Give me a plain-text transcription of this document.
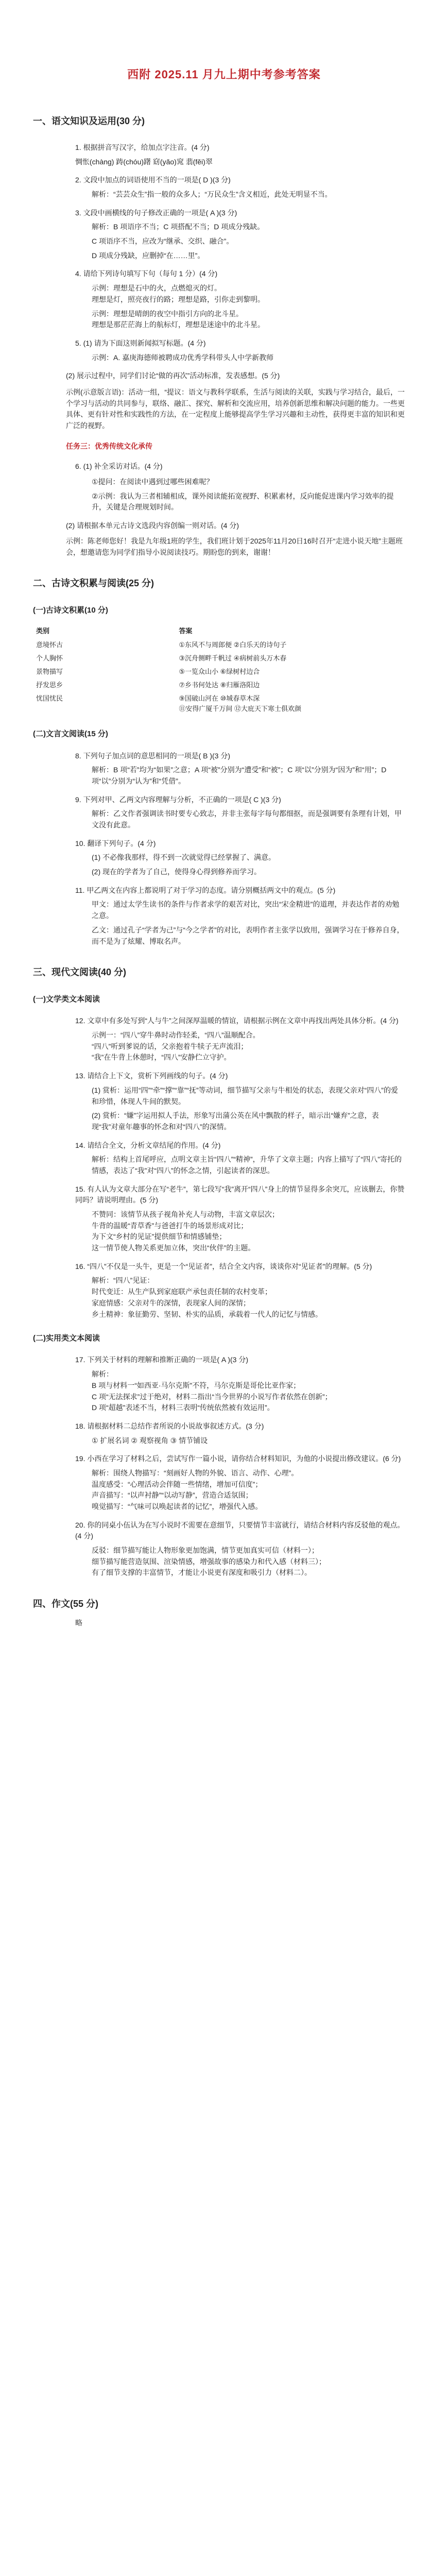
西附 2025.11 月九上期中考参考答案
一、语文知识及运用(30 分)
1. 根据拼音写汉字，给加点字注音。(4 分)
惆怅(chàng) 踌(chóu)躇 窈(yǎo)窕 翡(fěi)翠
2. 文段中加点的词语使用不当的一项是( D )(3 分)
解析：“芸芸众生”指一般的众多人；“万民众生”含义相近，此处无明显不当。
3. 文段中画横线的句子修改正确的一项是( A )(3 分)
解析：B 项语序不当；C 项搭配不当；D 项成分残缺。
C 项语序不当，应改为“继承、交织、融合”。
D 项成分残缺，应删掉“在……里”。
4. 请给下列诗句填写下句（每句 1 分）(4 分)
示例：理想是石中的火，点燃熄灭的灯。
理想是灯，照亮夜行的路；理想是路，引你走到黎明。
示例：理想是晴朗的夜空中指引方向的北斗星。
理想是那茫茫海上的航标灯，理想是迷途中的北斗星。
5. (1) 请为下面这则新闻拟写标题。(4 分)
示例：A. 嘉庚海德师被聘成功优秀学科带头人中学新教师
(2) 展示过程中，同学们讨论“做的再次”活动标准，发表感想。(5 分)
示例(示意版言语)：活动一组，“提议：语文与教科学联系，生活与阅读的关联，实践与学习结合，最后，一个学习与活动的共同参与，联络、融汇、探究、解析和交流应用，培养创新思维和解决问题的能力。一些更具体、更有针对性和实践性的方法，在一定程度上能够提高学生学习兴趣和主动性，获得更丰富的知识和更广泛的视野。
任务三：优秀传统文化承传
6. (1) 补全采访对话。(4 分)
①提问：在阅读中遇到过哪些困难呢？
②示例：我认为三者相辅相成，课外阅读能拓宽视野、积累素材，反向能促进课内学习效率的提升，关键是合理规划时间。
(2) 请根据本单元古诗文选段内容创编一则对话。(4 分)
示例：陈老师您好！我是九年级1班的学生，我们班计划于2025年11月20日16时召开“走进小说天地”主题班会，想邀请您为同学们指导小说阅读技巧。期盼您的到来，谢谢！
二、古诗文积累与阅读(25 分)
(一)古诗文积累(10 分)
类别	答案
意境怀古	①东风不与周郎便 ②白乐天的诗句子
个人胸怀	③沉舟侧畔千帆过 ④病树前头万木春
景物描写	⑤一览众山小 ⑥绿树村边合
抒发思乡	⑦乡书何处达 ⑧归雁洛阳边
忧国忧民	⑨国破山河在 ⑩城春草木深
⑪安得广厦千万间 ⑫大庇天下寒士俱欢颜
(二)文言文阅读(15 分)
8. 下列句子加点词的意思相同的一项是( B )(3 分)
解析：B 项“若”均为“如果”之意；A 项“被”分别为“遭受”和“被”；C 项“以”分别为“因为”和“用”；D 项“以”分别为“认为”和“凭借”。
9. 下列对甲、乙两文内容理解与分析，不正确的一项是( C )(3 分)
解析：乙文作者强调读书时要专心致志，并非主张每字每句都细抠，而是强调要有条理有计划，甲文没有此意。
10. 翻译下列句子。(4 分)
(1) 不必像我那样，得不到一次就觉得已经掌握了、满意。
(2) 现在的学者为了自己，使得身心得到修养而学习。
11. 甲乙两文在内容上都说明了对于学习的态度。请分别概括两文中的观点。(5 分)
甲文：通过太学生读书的条件与作者求学的艰苦对比，突出“宋金精进”的道理，并表达作者的劝勉之意。
乙文：通过孔子“学者为己”与“今之学者”的对比，表明作者主张学以致用，强调学习在于修养自身，而不是为了炫耀、博取名声。
三、现代文阅读(40 分)
(一)文学类文本阅读
12. 文章中有多处写到“人与牛”之间深厚温暖的情谊，请根据示例在文章中再找出两处具体分析。(4 分)
示例一：“四八”穿牛鼻时动作轻柔，“四八”温顺配合。
“四八”听到爹说的话，父亲抱着牛犊子无声流泪；
“我”在牛背上休憩时，“四八”安静伫立守护。
13. 请结合上下文，赏析下列画线的句子。(4 分)
(1) 赏析：运用“四”“牵”“撑”“靠”“抚”等动词，细节描写父亲与牛相处的状态，表现父亲对“四八”的爱和珍惜，体现人牛间的默契。
(2) 赏析：“嫌”字运用拟人手法，形象写出蒲公英在风中飘散的样子，暗示出“嫌弃”之意，表现“我”对童年趣事的怀念和对“四八”的深情。
14. 请结合全文，分析文章结尾的作用。(4 分)
解析：结构上首尾呼应，点明文章主旨“四八”“精神”，升华了文章主题；内容上描写了“四八”寄托的情感，表达了“我”对“四八”的怀念之情，引起读者的深思。
15. 有人认为文章大部分在写“老牛”，第七段写“我”离开“四八”身上的情节显得多余突兀，应该删去，你赞同吗？请说明理由。(5 分)
不赞同：该情节从孩子视角补充人与动物，丰富文章层次；
牛背的温暖“青草香”与爸爸打牛的场景形成对比；
为下文“乡村的见证”提供细节和情感铺垫；
这一情节使人物关系更加立体，突出“伙伴”的主题。
16. “四八”不仅是一头牛，更是一个“见证者”，结合全文内容，谈谈你对“见证者”的理解。(5 分)
解析：“四八”见证：
时代变迁：从生产队到家庭联产承包责任制的农村变革；
家庭情感：父亲对牛的深情，表现家人间的深情；
乡土精神：象征勤劳、坚韧、朴实的品质，承载着一代人的记忆与情感。
(二)实用类文本阅读
17. 下列关于材料的理解和推断正确的一项是( A )(3 分)
解析：
B 项与材料一“如西亚·马尔克斯”不符，马尔克斯是哥伦比亚作家；
C 项“无法探求”过于绝对，材料二指出“当今世界的小说写作者依然在创新”；
D 项“超越”表述不当，材料三表明“传统依然被有效运用”。
18. 请根据材料二总结作者所说的小说故事叙述方式。(3 分)
① 扩展名词 ② 观察视角 ③ 情节铺设
19. 小西在学习了材料之后，尝试写作一篇小说，请你结合材料知识，为他的小说提出修改建议。(6 分)
解析：围绕人物描写：“刻画好人物的外貌、语言、动作、心理”。
温度感受：“心理活动会伴随一些情绪，增加可信度”；
声音描写：“以声衬静”“以动写静”，营造合适氛围；
嗅觉描写：“气味可以唤起读者的记忆”，增强代入感。
20. 你的同桌小伍认为在写小说时不需要在意细节，只要情节丰富就行，请结合材料内容反驳他的观点。(4 分)
反驳：细节描写能让人物形象更加饱满，情节更加真实可信（材料一）；
细节描写能营造氛围、渲染情感，增强故事的感染力和代入感（材料三）；
有了细节支撑的丰富情节，才能让小说更有深度和吸引力（材料二）。
四、作文(55 分)
略
